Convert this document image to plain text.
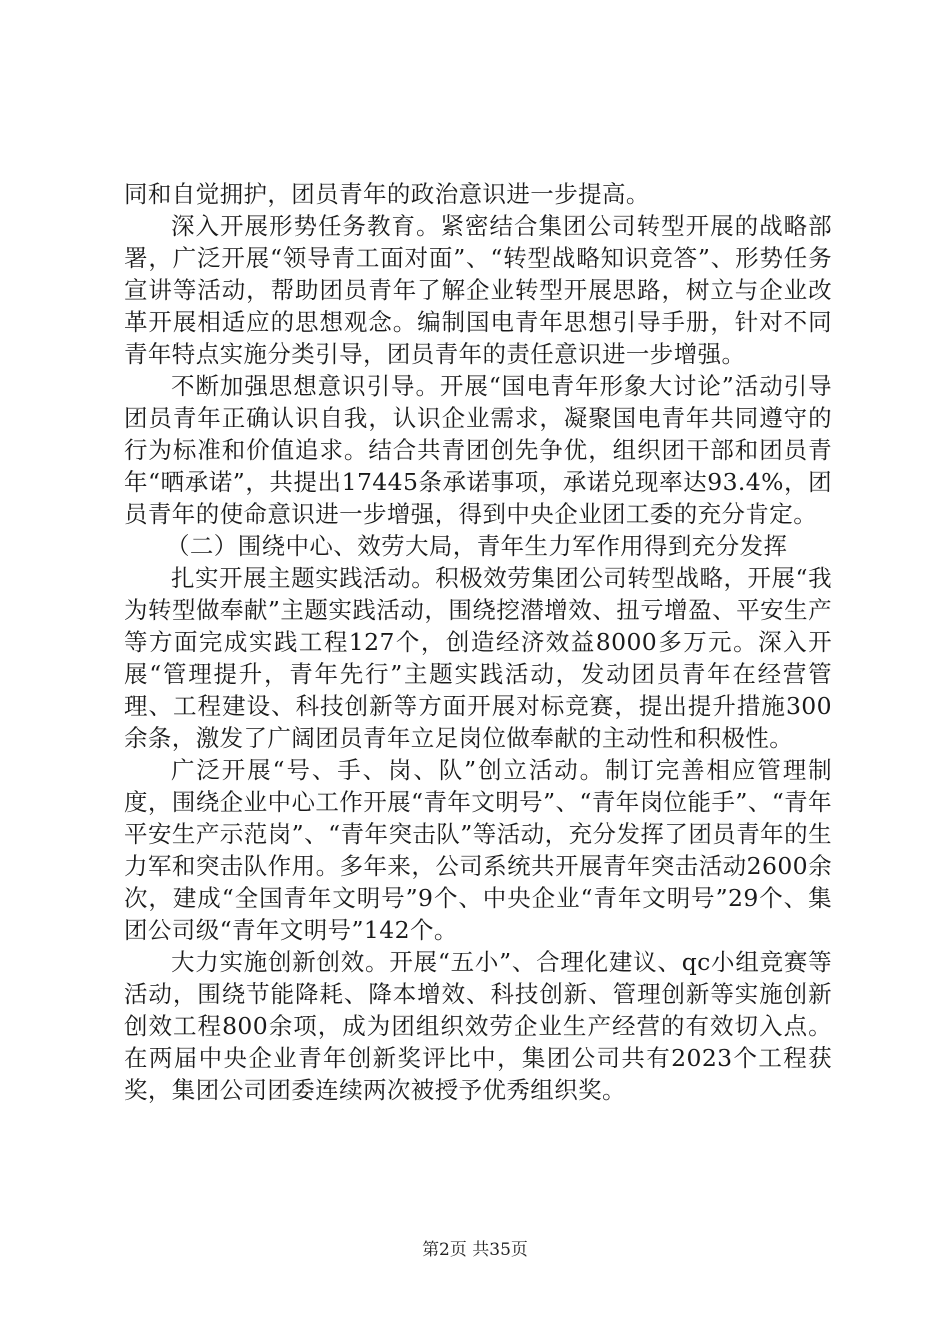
同和自觉拥护，团员青年的政治意识进一步提高。

深入开展形势任务教育。紧密结合集团公司转型开展的战略部署，广泛开展“领导青工面对面”、“转型战略知识竞答”、形势任务宣讲等活动，帮助团员青年了解企业转型开展思路，树立与企业改革开展相适应的思想观念。编制国电青年思想引导手册，针对不同青年特点实施分类引导，团员青年的责任意识进一步增强。

不断加强思想意识引导。开展“国电青年形象大讨论”活动引导团员青年正确认识自我，认识企业需求，凝聚国电青年共同遵守的行为标准和价值追求。结合共青团创先争优，组织团干部和团员青年“晒承诺”，共提出17445条承诺事项，承诺兑现率达93.4%，团员青年的使命意识进一步增强，得到中央企业团工委的充分肯定。

（二）围绕中心、效劳大局，青年生力军作用得到充分发挥

扎实开展主题实践活动。积极效劳集团公司转型战略，开展“我为转型做奉献”主题实践活动，围绕挖潜增效、扭亏增盈、平安生产等方面完成实践工程127个，创造经济效益8000多万元。深入开展“管理提升，青年先行”主题实践活动，发动团员青年在经营管理、工程建设、科技创新等方面开展对标竞赛，提出提升措施300余条，激发了广阔团员青年立足岗位做奉献的主动性和积极性。

广泛开展“号、手、岗、队”创立活动。制订完善相应管理制度，围绕企业中心工作开展“青年文明号”、“青年岗位能手”、“青年平安生产示范岗”、“青年突击队”等活动，充分发挥了团员青年的生力军和突击队作用。多年来，公司系统共开展青年突击活动2600余次，建成“全国青年文明号”9个、中央企业“青年文明号”29个、集团公司级“青年文明号”142个。

大力实施创新创效。开展“五小”、合理化建议、qc小组竞赛等活动，围绕节能降耗、降本增效、科技创新、管理创新等实施创新创效工程800余项，成为团组织效劳企业生产经营的有效切入点。在两届中央企业青年创新奖评比中，集团公司共有2023个工程获奖，集团公司团委连续两次被授予优秀组织奖。

第2页 共35页
